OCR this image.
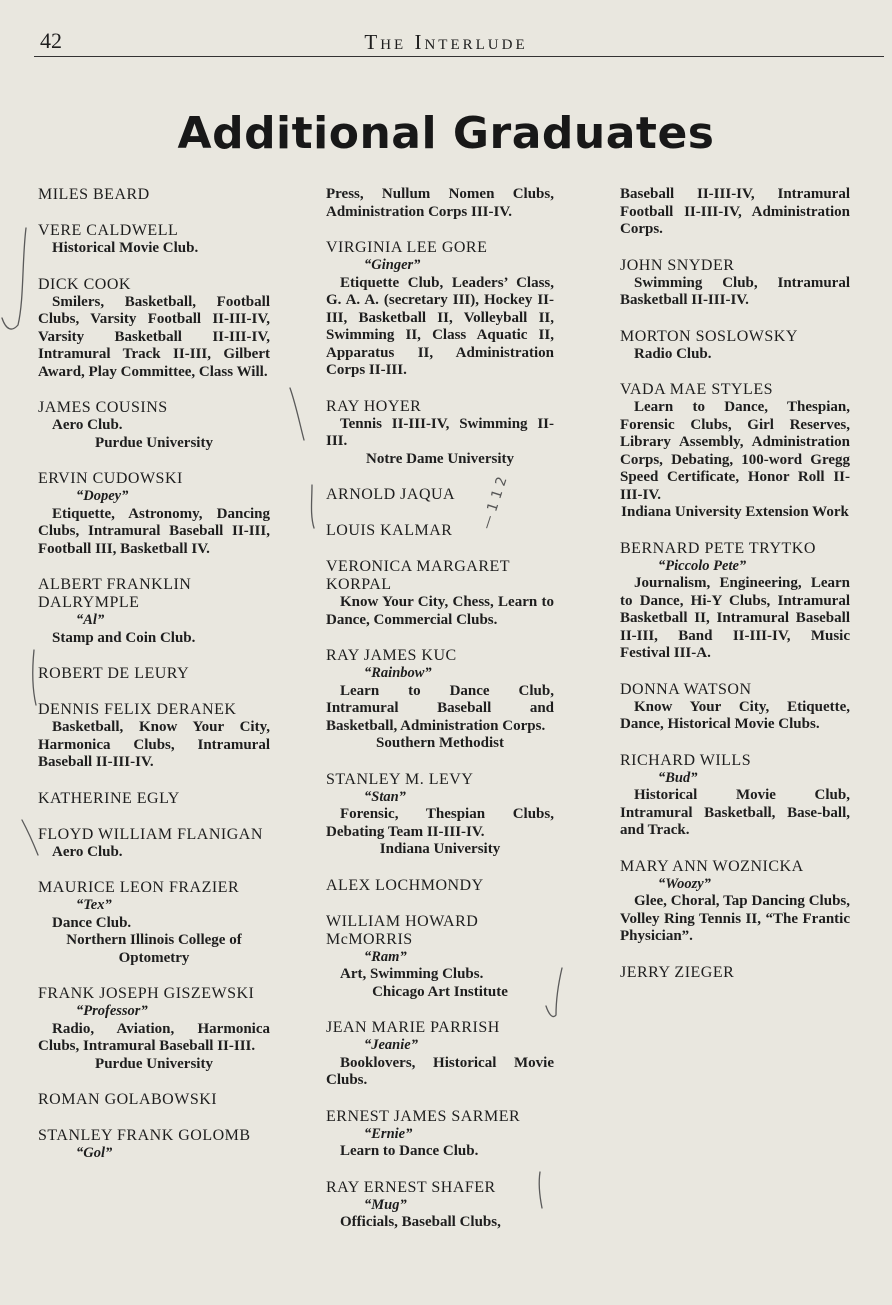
42	The Interlude
Additional Graduates
MILES BEARD
VERE CALDWELL
Historical Movie Club.
DICK COOK
Smilers, Basketball, Football Clubs, Varsity Football II-III-IV, Varsity Basketball II-III-IV, Intramural Track II-III, Gilbert Award, Play Committee, Class Will.
JAMES COUSINS
Aero Club.
Purdue University
ERVIN CUDOWSKI
“Dopey”
Etiquette, Astronomy, Dancing Clubs, Intramural Baseball II-III, Football III, Basketball IV.
ALBERT FRANKLIN DALRYMPLE
“Al”
Stamp and Coin Club.
ROBERT DE LEURY
DENNIS FELIX DERANEK
Basketball, Know Your City, Harmonica Clubs, Intramural Baseball II-III-IV.
KATHERINE EGLY
FLOYD WILLIAM FLANIGAN
Aero Club.
MAURICE LEON FRAZIER
“Tex”
Dance Club.
Northern Illinois College of Optometry
FRANK JOSEPH GISZEWSKI
“Professor”
Radio, Aviation, Harmonica Clubs, Intramural Baseball II-III.
Purdue University
ROMAN GOLABOWSKI
STANLEY FRANK GOLOMB
“Gol”
Press, Nullum Nomen Clubs, Administration Corps III-IV.
VIRGINIA LEE GORE
“Ginger”
Etiquette Club, Leaders’ Class, G. A. A. (secretary III), Hockey II-III, Basketball II, Volleyball II, Swimming II, Class Aquatic II, Apparatus II, Administration Corps II-III.
RAY HOYER
Tennis II-III-IV, Swimming II-III.
Notre Dame University
ARNOLD JAQUA
LOUIS KALMAR
VERONICA MARGARET KORPAL
Know Your City, Chess, Learn to Dance, Commercial Clubs.
RAY JAMES KUC
“Rainbow”
Learn to Dance Club, Intramural Baseball and Basketball, Administration Corps.
Southern Methodist
STANLEY M. LEVY
“Stan”
Forensic, Thespian Clubs, Debating Team II-III-IV.
Indiana University
ALEX LOCHMONDY
WILLIAM HOWARD McMORRIS
“Ram”
Art, Swimming Clubs.
Chicago Art Institute
JEAN MARIE PARRISH
“Jeanie”
Booklovers, Historical Movie Clubs.
ERNEST JAMES SARMER
“Ernie”
Learn to Dance Club.
RAY ERNEST SHAFER
“Mug”
Officials, Baseball Clubs,
Baseball II-III-IV, Intramural Football II-III-IV, Administration Corps.
JOHN SNYDER
Swimming Club, Intramural Basketball II-III-IV.
MORTON SOSLOWSKY
Radio Club.
VADA MAE STYLES
Learn to Dance, Thespian, Forensic Clubs, Girl Reserves, Library Assembly, Administration Corps, Debating, 100-word Gregg Speed Certificate, Honor Roll II-III-IV.
Indiana University Extension Work
BERNARD PETE TRYTKO
“Piccolo Pete”
Journalism, Engineering, Learn to Dance, Hi-Y Clubs, Intramural Basketball II, Intramural Baseball II-III, Band II-III-IV, Music Festival III-A.
DONNA WATSON
Know Your City, Etiquette, Dance, Historical Movie Clubs.
RICHARD WILLS
“Bud”
Historical Movie Club, Intramural Basketball, Base-ball, and Track.
MARY ANN WOZNICKA
“Woozy”
Glee, Choral, Tap Dancing Clubs, Volley Ring Tennis II, “The Frantic Physician”.
JERRY ZIEGER
— 1 1 2
